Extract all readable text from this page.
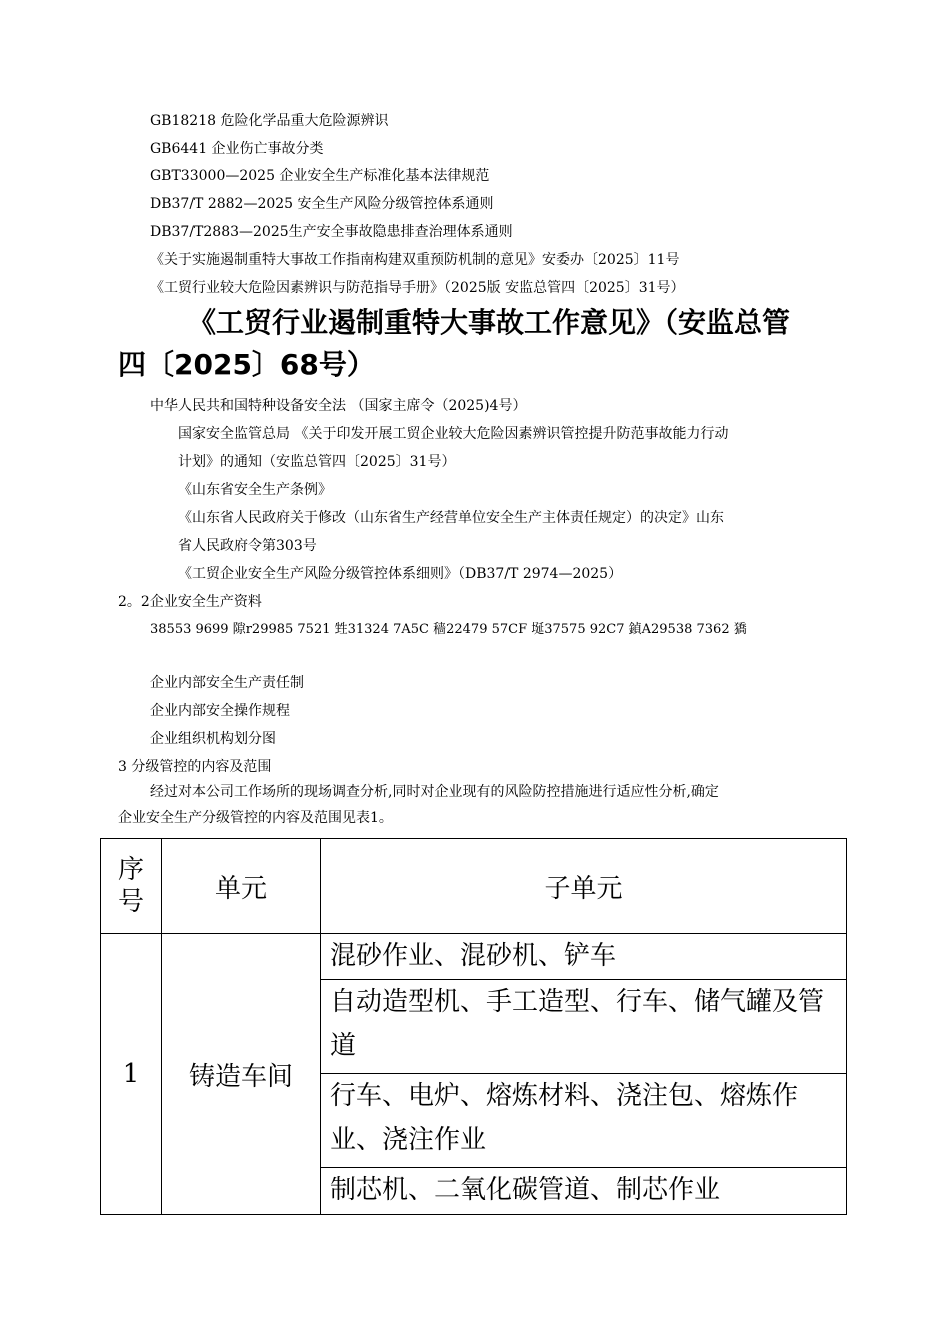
GB18218 危险化学品重大危险源辨识
GB6441 企业伤亡事故分类
GBT33000—2025 企业安全生产标准化基本法律规范
DB37/T 2882—2025 安全生产风险分级管控体系通则
DB37/T2883—2025生产安全事故隐患排查治理体系通则
《关于实施遏制重特大事故工作指南构建双重预防机制的意见》安委办〔2025〕11号
《工贸行业较大危险因素辨识与防范指导手册》（2025版 安监总管四〔2025〕31号）
《工贸行业遏制重特大事故工作意见》（安监总管
四〔2025〕68号）
中华人民共和国特种设备安全法 （国家主席令（2025)4号）
国家安全监管总局 《关于印发开展工贸企业较大危险因素辨识管控提升防范事故能力行动
计划》的通知（安监总管四〔2025〕31号）
《山东省安全生产条例》
《山东省人民政府关于修改（山东省生产经营单位安全生产主体责任规定）的决定》山东
省人民政府令第303号
《工贸企业安全生产风险分级管控体系细则》（DB37/T 2974—2025）
2。2企业安全生产资料
38553 9699 隙r29985 7521 甡31324 7A5C 穑22479 57CF 埏37575 92C7 鍞A29538 7362 獢
企业内部安全生产责任制
企业内部安全操作规程
企业组织机构划分图
3 分级管控的内容及范围
经过对本公司工作场所的现场调查分析,同时对企业现有的风险防控措施进行适应性分析,确定
企业安全生产分级管控的内容及范围见表1。
序
号	单元	子单元
1	铸造车间	混砂作业、混砂机、铲车
		自动造型机、手工造型、行车、储气罐及管道
		行车、电炉、熔炼材料、浇注包、熔炼作业、浇注作业
		制芯机、二氧化碳管道、制芯作业
